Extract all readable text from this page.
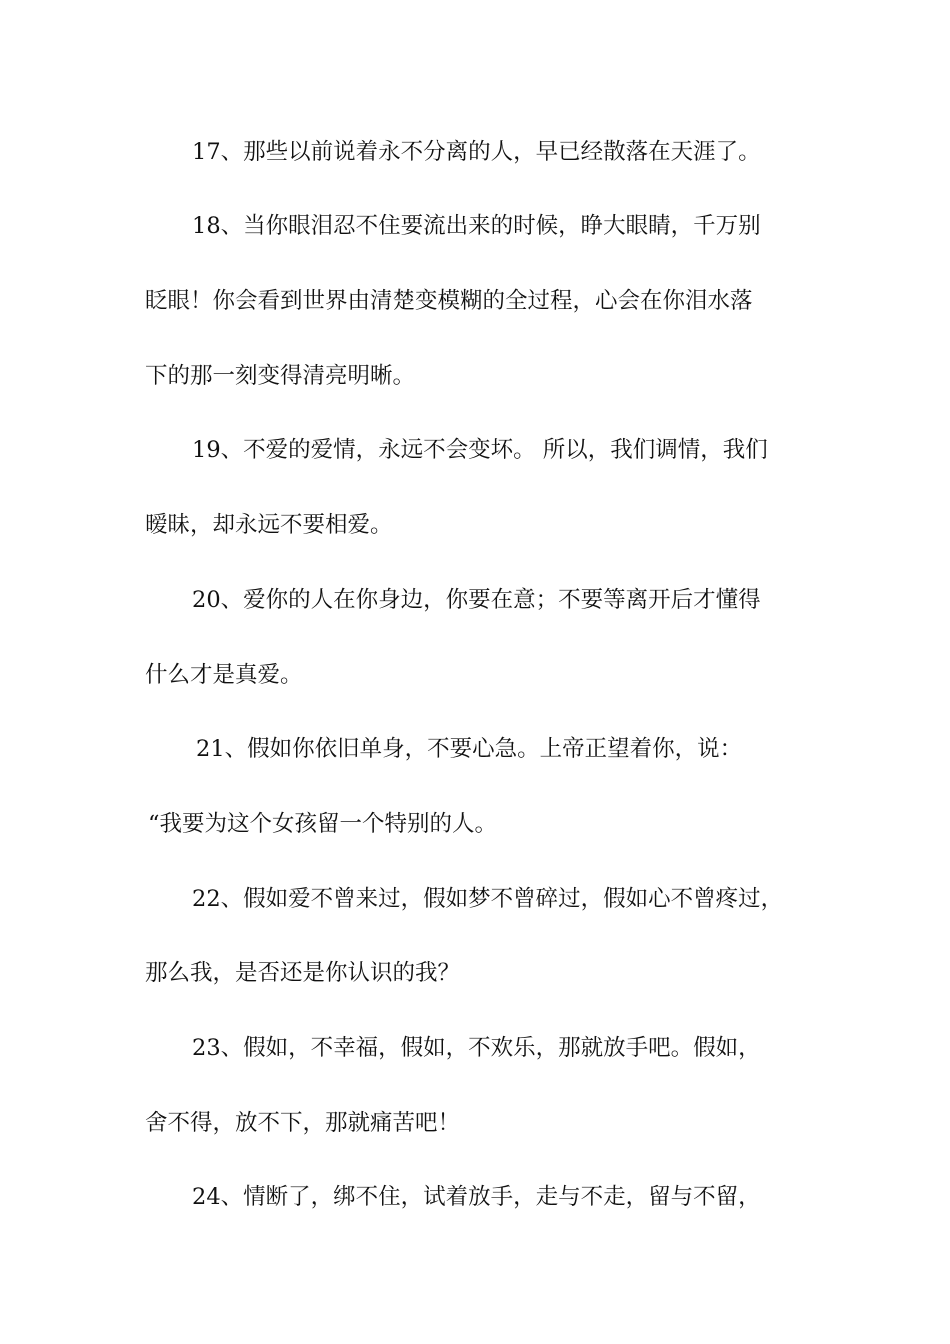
17、那些以前说着永不分离的人，早已经散落在天涯了。
18、当你眼泪忍不住要流出来的时候，睁大眼睛，千万别
眨眼！你会看到世界由清楚变模糊的全过程，心会在你泪水落
下的那一刻变得清亮明晰。
19、不爱的爱情，永远不会变坏。 所以，我们调情，我们
暧昧，却永远不要相爱。
20、爱你的人在你身边，你要在意；不要等离开后才懂得
什么才是真爱。
21、假如你依旧单身，不要心急。上帝正望着你，说：
“我要为这个女孩留一个特别的人。
22、假如爱不曾来过，假如梦不曾碎过，假如心不曾疼过，
那么我，是否还是你认识的我？
23、假如，不幸福，假如，不欢乐，那就放手吧。假如，
舍不得，放不下，那就痛苦吧！
24、情断了，绑不住，试着放手，走与不走，留与不留，
